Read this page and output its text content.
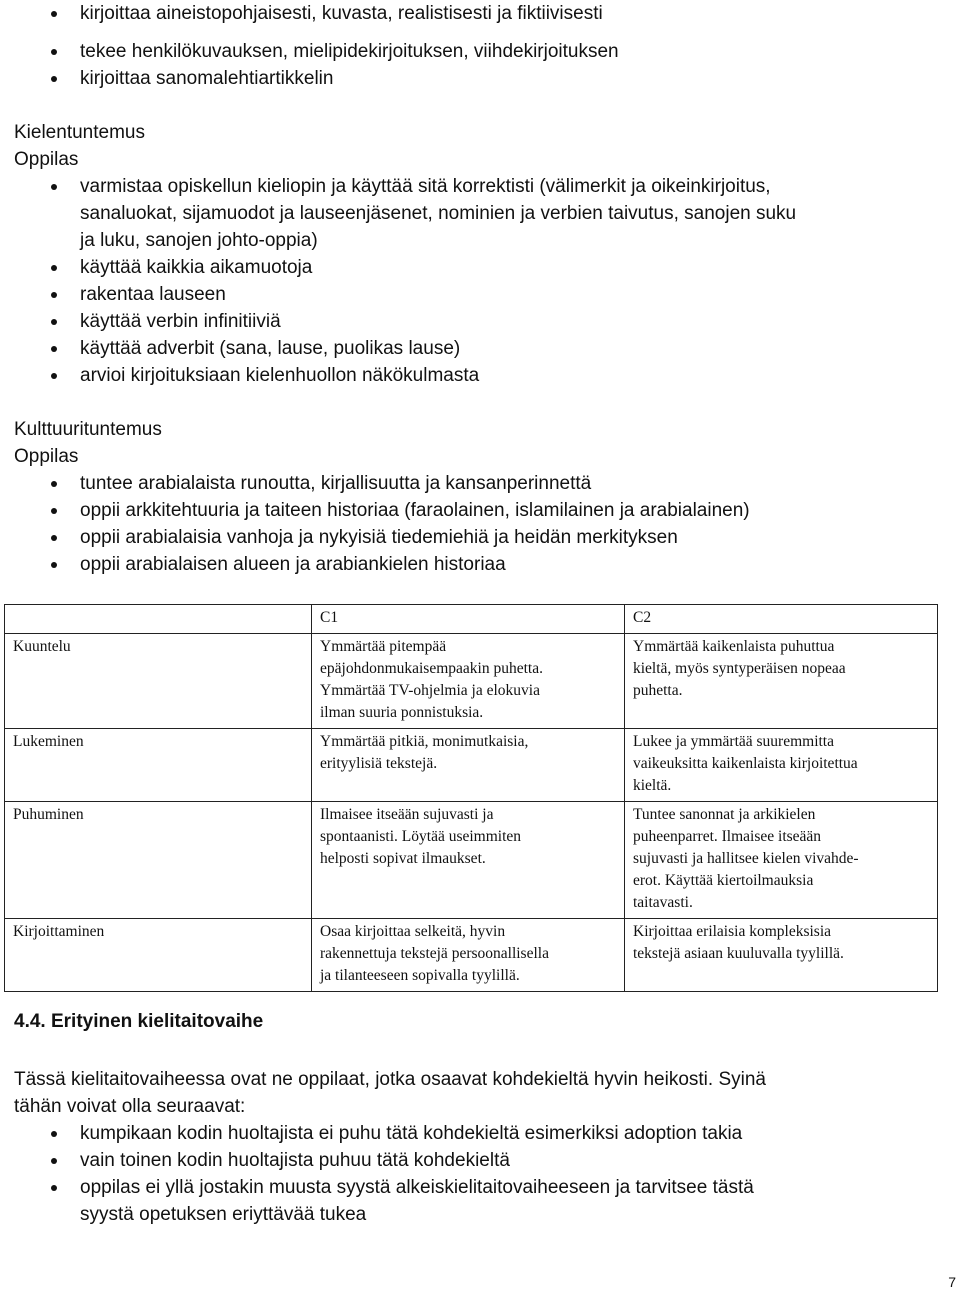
kirjoittaa aineistopohjaisesti, kuvasta, realistisesti ja fiktiivisesti
tekee henkilökuvauksen, mielipidekirjoituksen, viihdekirjoituksen
kirjoittaa sanomalehtiartikkelin

Kielentuntemus

Oppilas

varmistaa opiskellun kieliopin ja käyttää sitä korrektisti (välimerkit ja oikeinkirjoitus,
sanaluokat, sijamuodot ja lauseenjäsenet, nominien ja verbien taivutus, sanojen suku
ja luku, sanojen johto-oppia)
käyttää kaikkia aikamuotoja
rakentaa lauseen
käyttää verbin infinitiiviä
käyttää adverbit (sana, lause, puolikas lause)
arvioi kirjoituksiaan kielenhuollon näkökulmasta

Kulttuurituntemus

Oppilas

tuntee arabialaista runoutta, kirjallisuutta ja kansanperinnettä
oppii arkkitehtuuria ja taiteen historiaa (faraolainen, islamilainen ja arabialainen)
oppii arabialaisia vanhoja ja nykyisiä tiedemiehiä ja heidän merkityksen
oppii arabialaisen alueen ja arabiankielen historiaa
	C1	C2
Kuuntelu	Ymmärtää pitempää
epäjohdonmukaisempaakin puhetta.
Ymmärtää TV-ohjelmia ja elokuvia
ilman suuria ponnistuksia.	Ymmärtää kaikenlaista puhuttua
kieltä, myös syntyperäisen nopeaa
puhetta.
Lukeminen	Ymmärtää pitkiä, monimutkaisia,
erityylisiä tekstejä.	Lukee ja ymmärtää suuremmitta
vaikeuksitta kaikenlaista kirjoitettua
kieltä.
Puhuminen	Ilmaisee itseään sujuvasti ja
spontaanisti. Löytää useimmiten
helposti sopivat ilmaukset.	Tuntee sanonnat ja arkikielen
puheenparret. Ilmaisee itseään
sujuvasti ja hallitsee kielen vivahde-
erot. Käyttää kiertoilmauksia
taitavasti.
Kirjoittaminen	Osaa kirjoittaa selkeitä, hyvin
rakennettuja tekstejä persoonallisella
ja tilanteeseen sopivalla tyylillä.	Kirjoittaa erilaisia kompleksisia
tekstejä asiaan kuuluvalla tyylillä.

4.4. Erityinen kielitaitovaihe

Tässä kielitaitovaiheessa ovat ne oppilaat, jotka osaavat kohdekieltä hyvin heikosti. Syinä
tähän voivat olla seuraavat:
kumpikaan kodin huoltajista ei puhu tätä kohdekieltä esimerkiksi adoption takia
vain toinen kodin huoltajista puhuu tätä kohdekieltä
oppilas ei yllä jostakin muusta syystä alkeiskielitaitovaiheeseen ja tarvitsee tästä
syystä opetuksen eriyttävää tukea
7
